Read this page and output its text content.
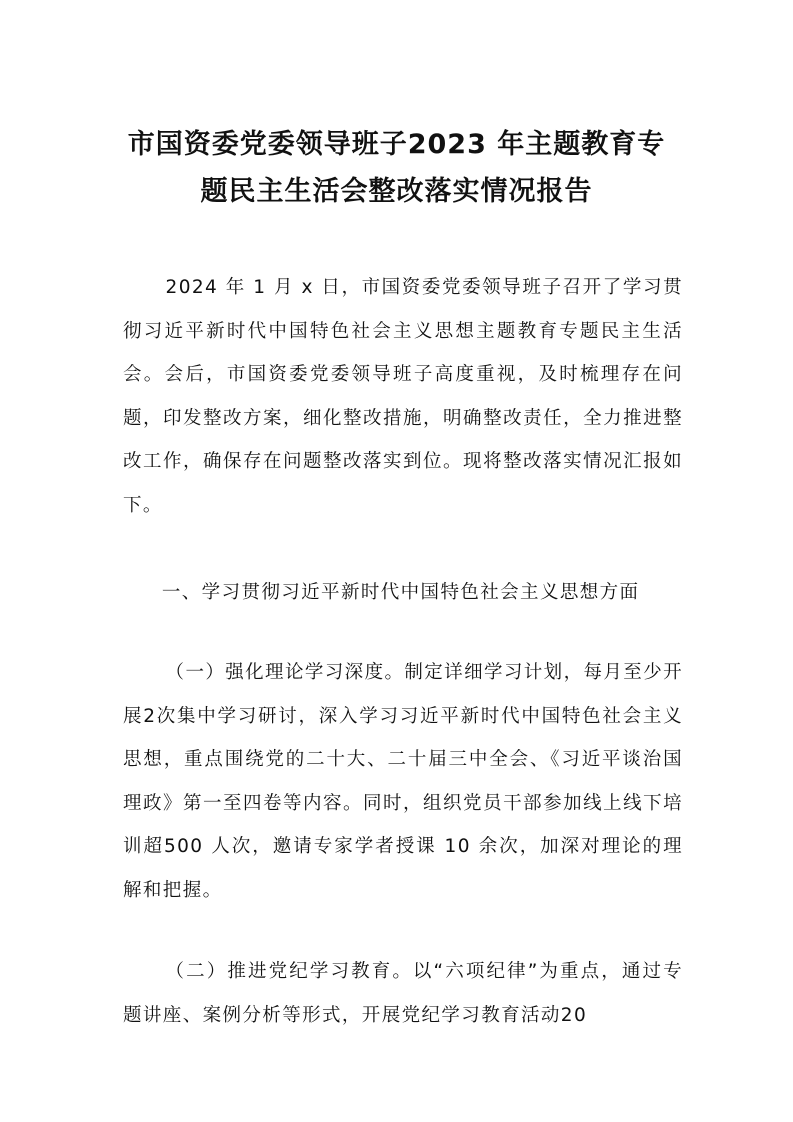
市国资委党委领导班子2023 年主题教育专
题民主生活会整改落实情况报告

2024 年 1 月 x 日，市国资委党委领导班子召开了学习贯彻习近平新时代中国特色社会主义思想主题教育专题民主生活会。会后，市国资委党委领导班子高度重视，及时梳理存在问题，印发整改方案，细化整改措施，明确整改责任，全力推进整改工作，确保存在问题整改落实到位。现将整改落实情况汇报如下。

一、学习贯彻习近平新时代中国特色社会主义思想方面

（一）强化理论学习深度。制定详细学习计划，每月至少开展2次集中学习研讨，深入学习习近平新时代中国特色社会主义思想，重点围绕党的二十大、二十届三中全会、《习近平谈治国理政》第一至四卷等内容。同时，组织党员干部参加线上线下培训超500 人次，邀请专家学者授课 10 余次，加深对理论的理解和把握。

（二）推进党纪学习教育。以“六项纪律”为重点，通过专题讲座、案例分析等形式，开展党纪学习教育活动20
